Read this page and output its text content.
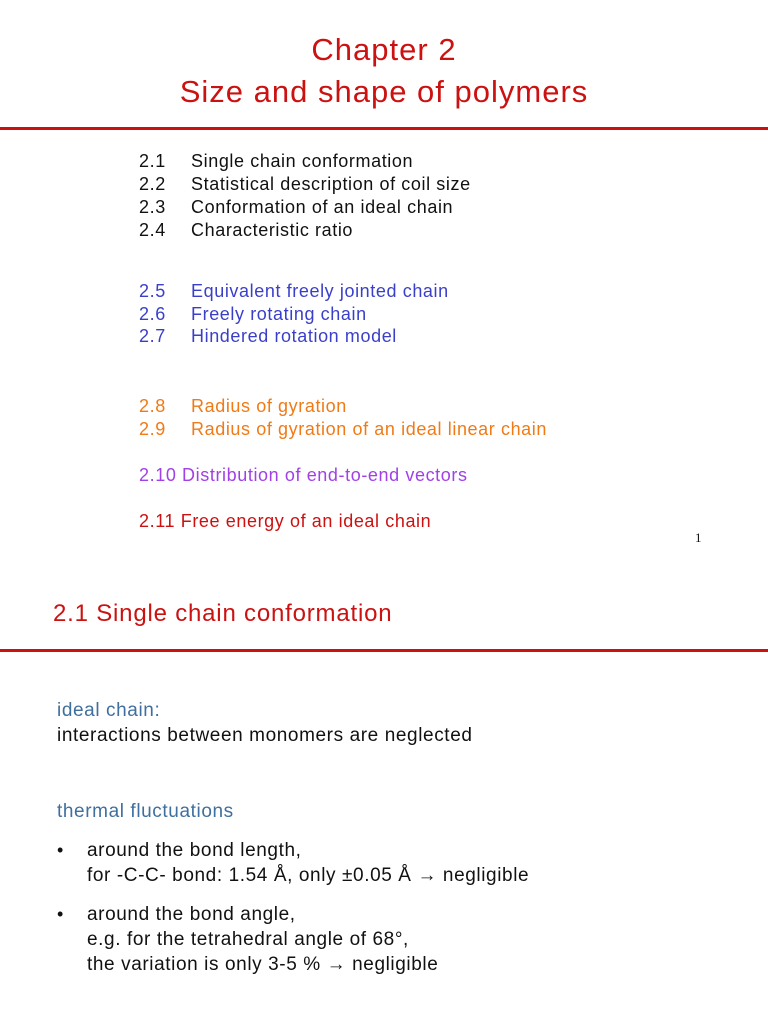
Chapter 2
Size and shape of polymers
2.1 Single chain conformation
2.2 Statistical description of coil size
2.3 Conformation of an ideal chain
2.4 Characteristic ratio
2.5 Equivalent freely jointed chain
2.6 Freely rotating chain
2.7 Hindered rotation model
2.8 Radius of gyration
2.9 Radius of gyration of an ideal linear chain
2.10 Distribution of end-to-end vectors
2.11 Free energy of an ideal chain
1
2.1 Single chain conformation
ideal chain:
interactions between monomers are neglected
thermal fluctuations
• around the bond length,
for -C-C- bond: 1.54 Å, only ±0.05 Å → negligible
• around the bond angle,
e.g. for the tetrahedral angle of 68°,
the variation is only 3-5 % → negligible
